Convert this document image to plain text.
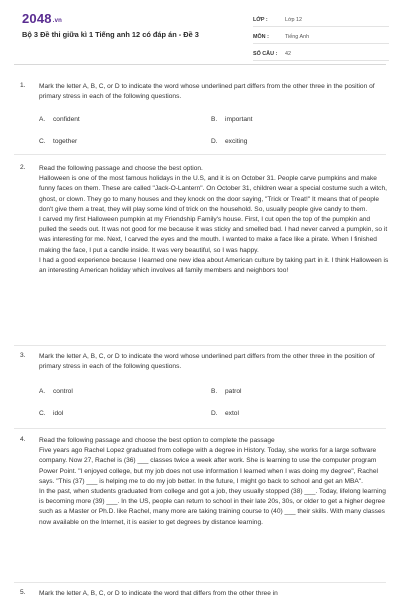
2048.vn
Bộ 3 Đề thi giữa kì 1 Tiếng anh 12 có đáp án - Đề 3
LỚP :	Lớp 12
MÔN :	Tiếng Anh
SỐ CÂU :	42
1. Mark the letter A, B, C, or D to indicate the word whose underlined part differs from the other three in the position of primary stress in each of the following questions.
A. confident	B. important
C. together	D. exciting
2. Read the following passage and choose the best option.

Halloween is one of the most famous holidays in the U.S, and it is on October 31. People carve pumpkins and make funny faces on them. These are called "Jack-O-Lantern". On October 31, children wear a special costume such a witch, ghost, or clown. They go to many houses and they knock on the door saying, "Trick or Treat!" It means that of people don't give them a treat, they will play some kind of trick on the household. So, usually people give candy to them.

I carved my first Halloween pumpkin at my Friendship Family's house. First, I cut open the top of the pumpkin and pulled the seeds out. It was not good for me because it was sticky and smelled bad. I had never carved a pumpkin, so it was interesting for me. Next, I carved the eyes and the mouth. I wanted to make a face like a pirate. When I finished making the face, I put a candle inside. It was very beautiful, so I was happy.

I had a good experience because I learned one new idea about American culture by taking part in it. I think Halloween is an interesting American holiday which involves all family members and neighbors too!

3. Mark the letter A, B, C, or D to indicate the word whose underlined part differs from the other three in the position of primary stress in each of the following questions.
A. control	B. patrol
C. idol	D. extol
4. Read the following passage and choose the best option to complete the passage

Five years ago Rachel Lopez graduated from college with a degree in History. Today, she works for a large software company. Now 27, Rachel is (36) ___ classes twice a week after work. She is learning to use the computer program Power Point. "I enjoyed college, but my job does not use information I learned when I was doing my degree", Rachel says. "This (37) ___ is helping me to do my job better. In the future, I might go back to school and get an MBA".

In the past, when students graduated from college and got a job, they usually stopped (38) ___. Today, lifelong learning is becoming more (39) ___. In the US, people can return to school in their late 20s, 30s, or older to get a higher degree such as a Master or Ph.D. like Rachel, many more are taking training course to (40) ___ their skills. With many classes now available on the Internet, it is easier to get degrees by distance learning.

5. Mark the letter A, B, C, or D to indicate the word that differs from the other three in
